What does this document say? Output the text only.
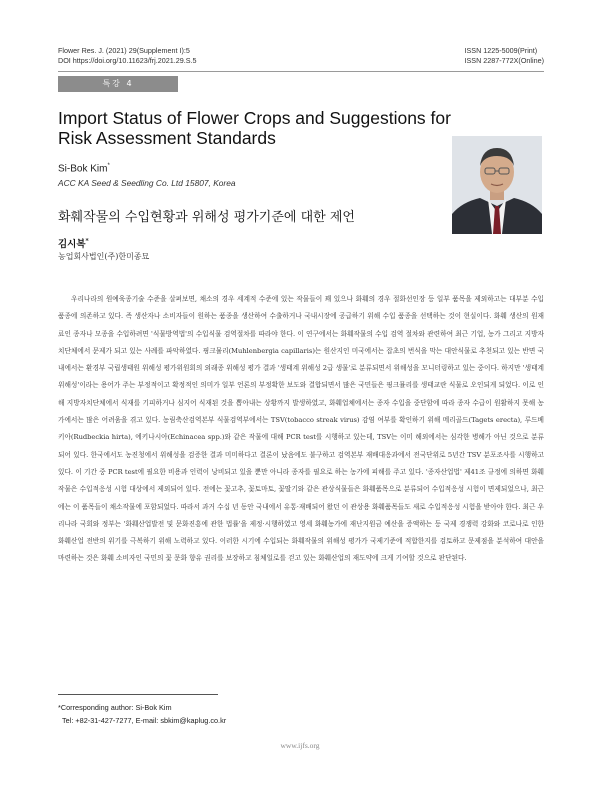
Flower Res. J. (2021) 29(Supplement I):5
DOI https://doi.org/10.11623/frj.2021.29.S.5
ISSN 1225-5009(Print)
ISSN 2287-772X(Online)
특강 4
Import Status of Flower Crops and Suggestions for Risk Assessment Standards
Si-Bok Kim*
ACC KA Seed & Seedling Co. Ltd 15807, Korea
화훼작물의 수입현황과 위해성 평가기준에 대한 제언
김시복*
농업회사법인(주)한미종묘

우리나라의 원예육종기술 수준을 살펴보면, 채소의 경우 세계적 수준에 있는 작물들이 꽤 있으나 화훼의 경우 절화선인장 등 일부 품목을 제외하고는 대부분 수입 품종에 의존하고 있다. 즉 생산자나 소비자들이 원하는 품종을 생산하여 수출하거나 국내시장에 공급하기 위해 수입 품종을 선택하는 것이 현실이다. 화훼 생산의 원재료인 종자나 모종을 수입하려면 '식물방역법'의 수입식물 검역절차를 따라야 한다. 이 연구에서는 화훼작물의 수입 검역 절차와 관련하여 최근 기업, 농가 그리고 지방자치단체에서 문제가 되고 있는 사례를 파악하였다. 핑크뮬리(Muhlenbergia capillaris)는 원산지인 미국에서는 잡초의 번식을 막는 대안식물로 추천되고 있는 반면 국내에서는 환경부 국립생태원 위해성 평가위원회의 외래종 위해성 평가 결과 '생태계 위해성 2급 생물'로 분류되면서 위해성을 모니터링하고 있는 중이다. 하지만 '생태계 위해성'이라는 용어가 주는 부정적이고 확정적인 의미가 일부 언론의 부정확한 보도와 결합되면서 많은 국민들은 핑크뮬리를 생태교란 식물로 오인되게 되었다. 이로 인해 지방자치단체에서 식재를 기피하거나 심지어 식재된 것을 뽑아내는 상황까지 발생하였고, 화훼업체에서는 종자 수입을 중단함에 따라 종자 수급이 원활하지 못해 농가에서는 많은 어려움을 겪고 있다. 농림축산검역본부 식물검역부에서는 TSV(tobacco streak virus) 감염 여부를 확인하기 위해 메리골드(Tagets erecta), 루드베키아(Rudbeckia hirta), 에키나시아(Echinacea spp.)와 같은 작물에 대해 PCR test를 시행하고 있는데, TSV는 이미 해외에서는 심각한 병해가 아닌 것으로 분류되어 있다. 한국에서도 농진청에서 위해성을 검증한 결과 미미하다고 결론이 났음에도 불구하고 검역본부 재배대응과에서 전국단위로 5년간 TSV 분포조사를 시행하고 있다. 이 기간 중 PCR test에 필요한 비용과 인력이 낭비되고 있을 뿐만 아니라 종자를 필요로 하는 농가에 피해를 주고 있다. '종자산업법' 제41조 규정에 의하면 화훼작물은 수입적응성 시험 대상에서 제외되어 있다. 전에는 꽃고추, 꽃토마토, 꽃딸기와 같은 관상식물들은 화훼품목으로 분류되어 수입적응성 시험이 면제되었으나, 최근에는 이 품목들이 채소작물에 포함되었다. 따라서 과거 수십 년 동안 국내에서 유통·재배되어 왔던 이 관상용 화훼품목들도 새로 수입적응성 시험을 받아야 한다. 최근 우리나라 국회와 정부는 '화훼산업발전 및 문화진흥에 관한 법률'을 제정·시행하였고 영세 화훼농가에 재난지원금 예산을 증액하는 등 국제 경쟁력 강화와 코로나로 인한 화훼산업 전반의 위기를 극복하기 위해 노력하고 있다. 이러한 시기에 수입되는 화훼작물의 위해성 평가가 국제기준에 적합한지를 검토하고 문제점을 분석하여 대안을 마련하는 것은 화훼 소비자인 국민의 꽃 문화 향유 권리를 보장하고 침체일로를 걷고 있는 화훼산업의 재도약에 크게 기여할 것으로 판단된다.

*Corresponding author: Si-Bok Kim
Tel: +82-31-427-7277, E-mail: sbkim@kaplug.co.kr
www.ijfs.org
